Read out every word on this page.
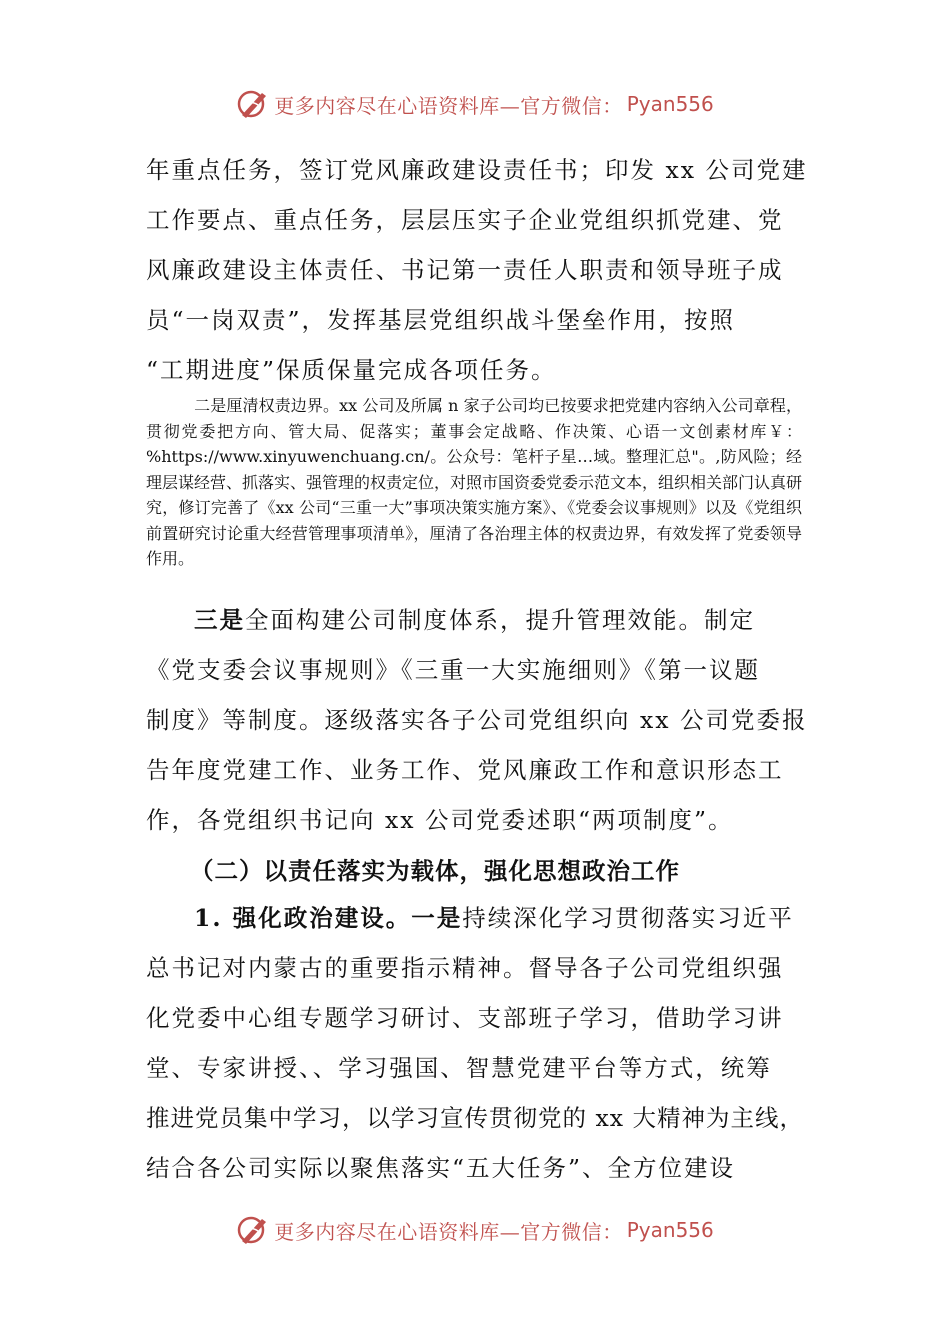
更多内容尽在心语资料库—官方微信： Pyan556

年重点任务，签订党风廉政建设责任书；印发 xx 公司党建

工作要点、重点任务，层层压实子企业党组织抓党建、党

风廉政建设主体责任、书记第一责任人职责和领导班子成

员“一岗双责”，发挥基层党组织战斗堡垒作用，按照

“工期进度”保质保量完成各项任务。

二是厘清权责边界。xx 公司及所属 n 家子公司均已按要求把党建内容纳入公司章程，贯彻党委把方向、管大局、促落实；董事会定战略、作决策、心语一文创素材库￥：%https://www.xinyuwenchuang.cn/。公众号：笔杆子星…域。整理汇总"。,防风险；经理层谋经营、抓落实、强管理的权责定位，对照市国资委党委示范文本，组织相关部门认真研究，修订完善了《xx 公司“三重一大”事项决策实施方案》、《党委会议事规则》以及《党组织前置研究讨论重大经营管理事项清单》，厘清了各治理主体的权责边界，有效发挥了党委领导作用。

三是全面构建公司制度体系，提升管理效能。制定

《党支委会议事规则》《三重一大实施细则》《第一议题

制度》等制度。逐级落实各子公司党组织向 xx 公司党委报

告年度党建工作、业务工作、党风廉政工作和意识形态工

作，各党组织书记向 xx 公司党委述职“两项制度”。

（二）以责任落实为载体，强化思想政治工作

1. 强化政治建设。一是持续深化学习贯彻落实习近平

总书记对内蒙古的重要指示精神。督导各子公司党组织强

化党委中心组专题学习研讨、支部班子学习，借助学习讲

堂、专家讲授、、学习强国、智慧党建平台等方式，统筹

推进党员集中学习，以学习宣传贯彻党的 xx 大精神为主线，

结合各公司实际以聚焦落实“五大任务”、全方位建设

更多内容尽在心语资料库—官方微信： Pyan556
